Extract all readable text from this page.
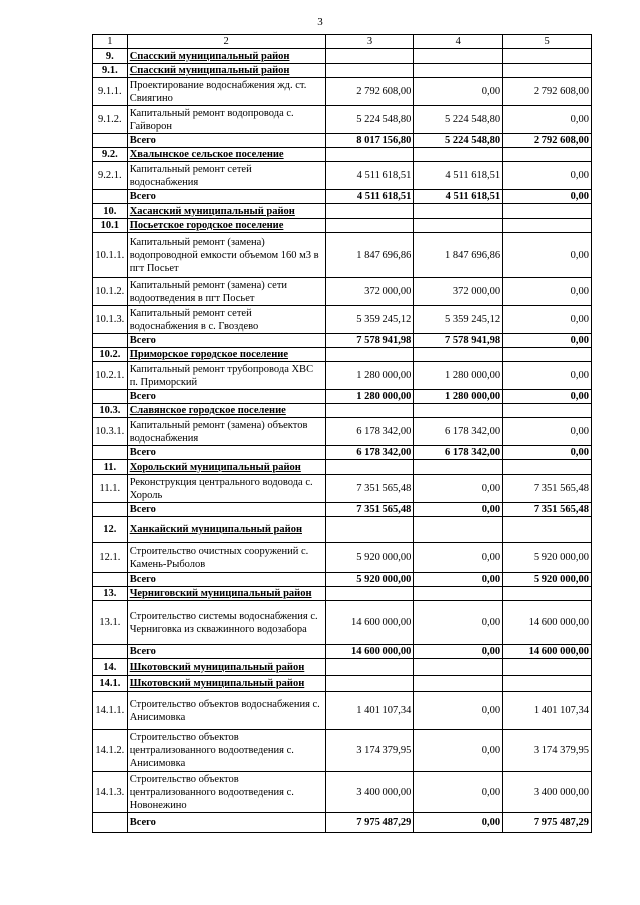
3
1	2	3	4	5
9.	Спасский муниципальный район			
9.1.	Спасский муниципальный район			
9.1.1.	Проектирование водоснабжения жд. ст. Свиягино	2 792 608,00	0,00	2 792 608,00
9.1.2.	Капитальный ремонт водопровода с. Гайворон	5 224 548,80	5 224 548,80	0,00
	Всего	8 017 156,80	5 224 548,80	2 792 608,00
9.2.	Хвалынское сельское поселение			
9.2.1.	Капитальный ремонт сетей водоснабжения	4 511 618,51	4 511 618,51	0,00
	Всего	4 511 618,51	4 511 618,51	0,00
10.	Хасанский муниципальный район			
10.1	Посьетское городское поселение			
10.1.1.	Капитальный ремонт (замена) водопроводной емкости объемом 160 м3 в пгт Посьет	1 847 696,86	1 847 696,86	0,00
10.1.2.	Капитальный ремонт (замена) сети водоотведения в пгт Посьет	372 000,00	372 000,00	0,00
10.1.3.	Капитальный ремонт сетей водоснабжения в с. Гвоздево	5 359 245,12	5 359 245,12	0,00
	Всего	7 578 941,98	7 578 941,98	0,00
10.2.	Приморское городское поселение			
10.2.1.	Капитальный ремонт трубопровода ХВС п. Приморский	1 280 000,00	1 280 000,00	0,00
	Всего	1 280 000,00	1 280 000,00	0,00
10.3.	Славянское городское поселение			
10.3.1.	Капитальный ремонт (замена) объектов водоснабжения	6 178 342,00	6 178 342,00	0,00
	Всего	6 178 342,00	6 178 342,00	0,00
11.	Хорольский муниципальный район			
11.1.	Реконструкция центрального водовода с. Хороль	7 351 565,48	0,00	7 351 565,48
	Всего	7 351 565,48	0,00	7 351 565,48
12.	Ханкайский муниципальный район			
12.1.	Строительство очистных сооружений с. Камень-Рыболов	5 920 000,00	0,00	5 920 000,00
	Всего	5 920 000,00	0,00	5 920 000,00
13.	Черниговский муниципальный район			
13.1.	Строительство системы водоснабжения с. Черниговка из скважинного водозабора	14 600 000,00	0,00	14 600 000,00
	Всего	14 600 000,00	0,00	14 600 000,00
14.	Шкотовский муниципальный район			
14.1.	Шкотовский муниципальный район			
14.1.1.	Строительство объектов водоснабжения с. Анисимовка	1 401 107,34	0,00	1 401 107,34
14.1.2.	Строительство объектов централизованного водоотведения с. Анисимовка	3 174 379,95	0,00	3 174 379,95
14.1.3.	Строительство объектов централизованного водоотведения с. Новонежино	3 400 000,00	0,00	3 400 000,00
	Всего	7 975 487,29	0,00	7 975 487,29
